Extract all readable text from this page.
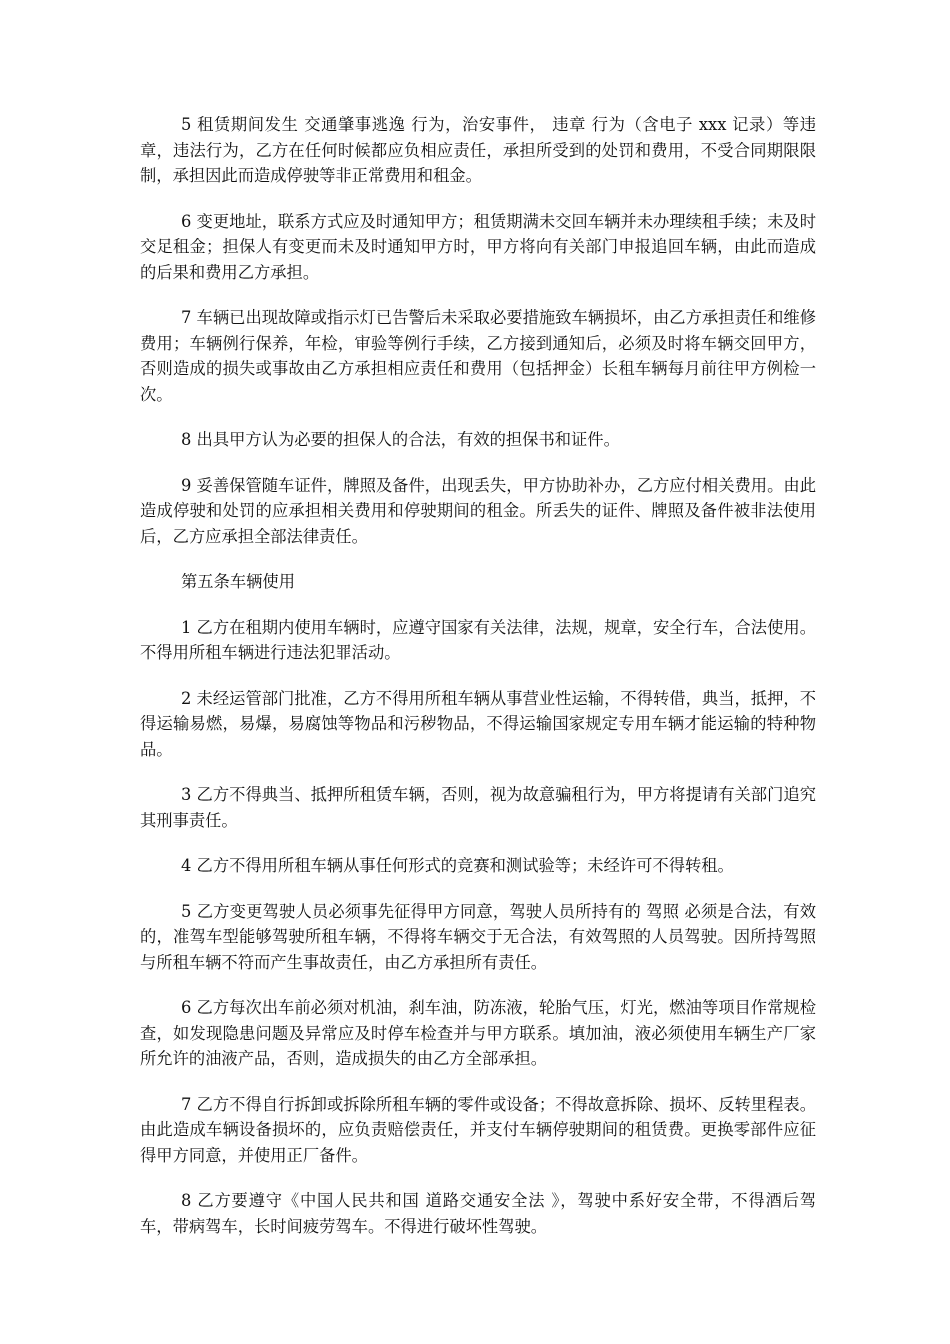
5 租赁期间发生 交通肇事逃逸 行为，治安事件， 违章 行为（含电子 xxx 记录）等违章，违法行为，乙方在任何时候都应负相应责任，承担所受到的处罚和费用，不受合同期限限制，承担因此而造成停驶等非正常费用和租金。

6 变更地址，联系方式应及时通知甲方；租赁期满未交回车辆并未办理续租手续；未及时交足租金；担保人有变更而未及时通知甲方时，甲方将向有关部门申报追回车辆，由此而造成的后果和费用乙方承担。

7 车辆已出现故障或指示灯已告警后未采取必要措施致车辆损坏，由乙方承担责任和维修费用；车辆例行保养，年检，审验等例行手续，乙方接到通知后，必须及时将车辆交回甲方，否则造成的损失或事故由乙方承担相应责任和费用（包括押金）长租车辆每月前往甲方例检一次。

8 出具甲方认为必要的担保人的合法，有效的担保书和证件。

9 妥善保管随车证件，牌照及备件，出现丢失，甲方协助补办，乙方应付相关费用。由此造成停驶和处罚的应承担相关费用和停驶期间的租金。所丢失的证件、牌照及备件被非法使用后，乙方应承担全部法律责任。

第五条车辆使用

1 乙方在租期内使用车辆时，应遵守国家有关法律，法规，规章，安全行车，合法使用。不得用所租车辆进行违法犯罪活动。

2 未经运管部门批准，乙方不得用所租车辆从事营业性运输，不得转借，典当，抵押，不得运输易燃，易爆，易腐蚀等物品和污秽物品，不得运输国家规定专用车辆才能运输的特种物品。

3 乙方不得典当、抵押所租赁车辆，否则，视为故意骗租行为，甲方将提请有关部门追究其刑事责任。

4 乙方不得用所租车辆从事任何形式的竞赛和测试验等；未经许可不得转租。

5 乙方变更驾驶人员必须事先征得甲方同意，驾驶人员所持有的 驾照 必须是合法，有效的，准驾车型能够驾驶所租车辆，不得将车辆交于无合法，有效驾照的人员驾驶。因所持驾照与所租车辆不符而产生事故责任，由乙方承担所有责任。

6 乙方每次出车前必须对机油，刹车油，防冻液，轮胎气压，灯光，燃油等项目作常规检查，如发现隐患问题及异常应及时停车检查并与甲方联系。填加油，液必须使用车辆生产厂家所允许的油液产品，否则，造成损失的由乙方全部承担。

7 乙方不得自行拆卸或拆除所租车辆的零件或设备；不得故意拆除、损坏、反转里程表。由此造成车辆设备损坏的，应负责赔偿责任，并支付车辆停驶期间的租赁费。更换零部件应征得甲方同意，并使用正厂备件。

8 乙方要遵守《中国人民共和国 道路交通安全法 》，驾驶中系好安全带，不得酒后驾车，带病驾车，长时间疲劳驾车。不得进行破坏性驾驶。
